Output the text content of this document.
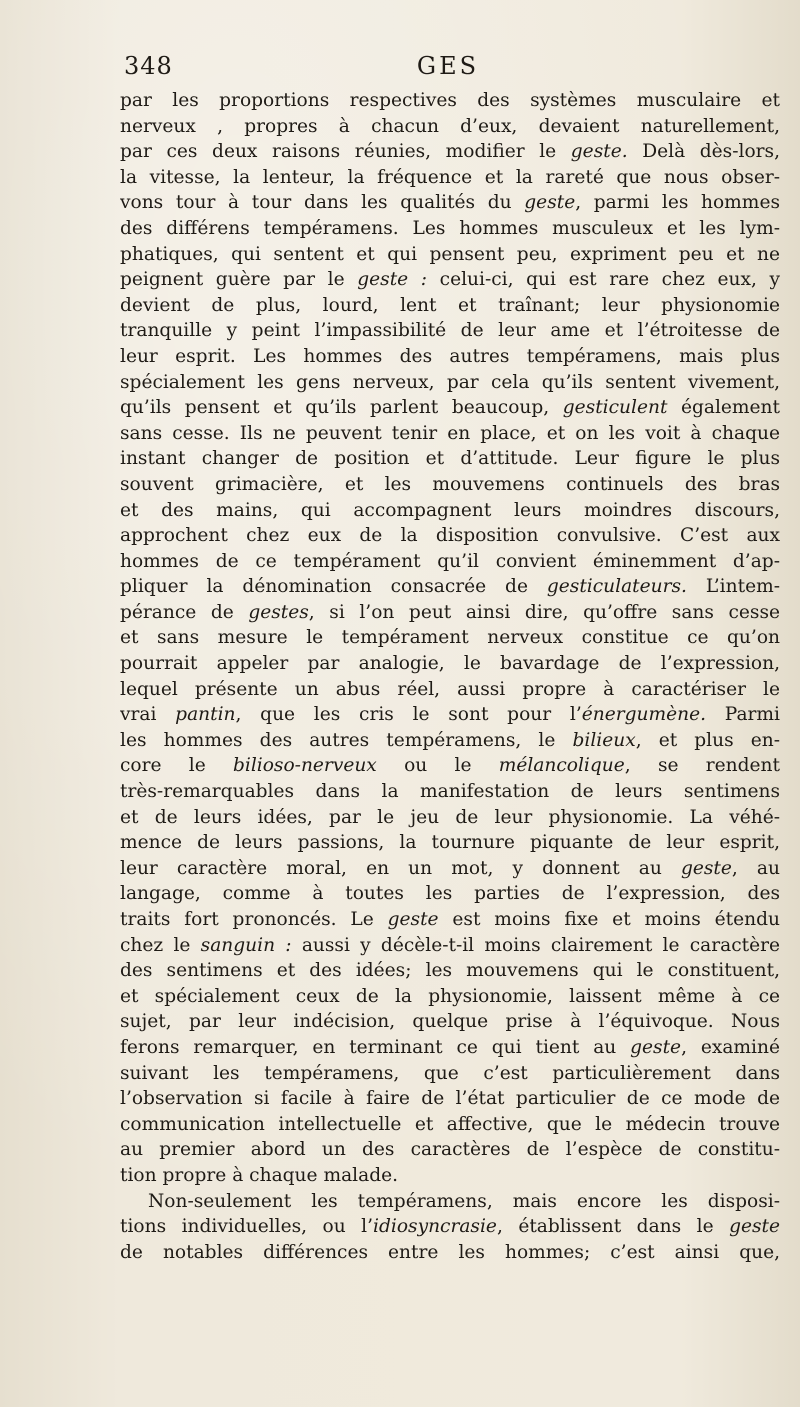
348	GES
par les proportions respectives des systèmes musculaire et
nerveux , propres à chacun d’eux, devaient naturellement,
par ces deux raisons réunies, modifier le geste. Delà dès-lors,
la vitesse, la lenteur, la fréquence et la rareté que nous obser-
vons tour à tour dans les qualités du geste, parmi les hommes
des différens tempéramens. Les hommes musculeux et les lym-
phatiques, qui sentent et qui pensent peu, expriment peu et ne
peignent guère par le geste : celui-ci, qui est rare chez eux, y
devient de plus, lourd, lent et traînant; leur physionomie
tranquille y peint l’impassibilité de leur ame et l’étroitesse de
leur esprit. Les hommes des autres tempéramens, mais plus
spécialement les gens nerveux, par cela qu’ils sentent vivement,
qu’ils pensent et qu’ils parlent beaucoup, gesticulent également
sans cesse. Ils ne peuvent tenir en place, et on les voit à chaque
instant changer de position et d’attitude. Leur figure le plus
souvent grimacière, et les mouvemens continuels des bras
et des mains, qui accompagnent leurs moindres discours,
approchent chez eux de la disposition convulsive. C’est aux
hommes de ce tempérament qu’il convient éminemment d’ap-
pliquer la dénomination consacrée de gesticulateurs. L’intem-
pérance de gestes, si l’on peut ainsi dire, qu’offre sans cesse
et sans mesure le tempérament nerveux constitue ce qu’on
pourrait appeler par analogie, le bavardage de l’expression,
lequel présente un abus réel, aussi propre à caractériser le
vrai pantin, que les cris le sont pour l’énergumène. Parmi
les hommes des autres tempéramens, le bilieux, et plus en-
core le bilioso-nerveux ou le mélancolique, se rendent
très-remarquables dans la manifestation de leurs sentimens
et de leurs idées, par le jeu de leur physionomie. La véhé-
mence de leurs passions, la tournure piquante de leur esprit,
leur caractère moral, en un mot, y donnent au geste, au
langage, comme à toutes les parties de l’expression, des
traits fort prononcés. Le geste est moins fixe et moins étendu
chez le sanguin : aussi y décèle-t-il moins clairement le caractère
des sentimens et des idées; les mouvemens qui le constituent,
et spécialement ceux de la physionomie, laissent même à ce
sujet, par leur indécision, quelque prise à l’équivoque. Nous
ferons remarquer, en terminant ce qui tient au geste, examiné
suivant les tempéramens, que c’est particulièrement dans
l’observation si facile à faire de l’état particulier de ce mode de
communication intellectuelle et affective, que le médecin trouve
au premier abord un des caractères de l’espèce de constitu-
tion propre à chaque malade.
Non-seulement les tempéramens, mais encore les disposi-
tions individuelles, ou l’idiosyncrasie, établissent dans le geste
de notables différences entre les hommes; c’est ainsi que,
